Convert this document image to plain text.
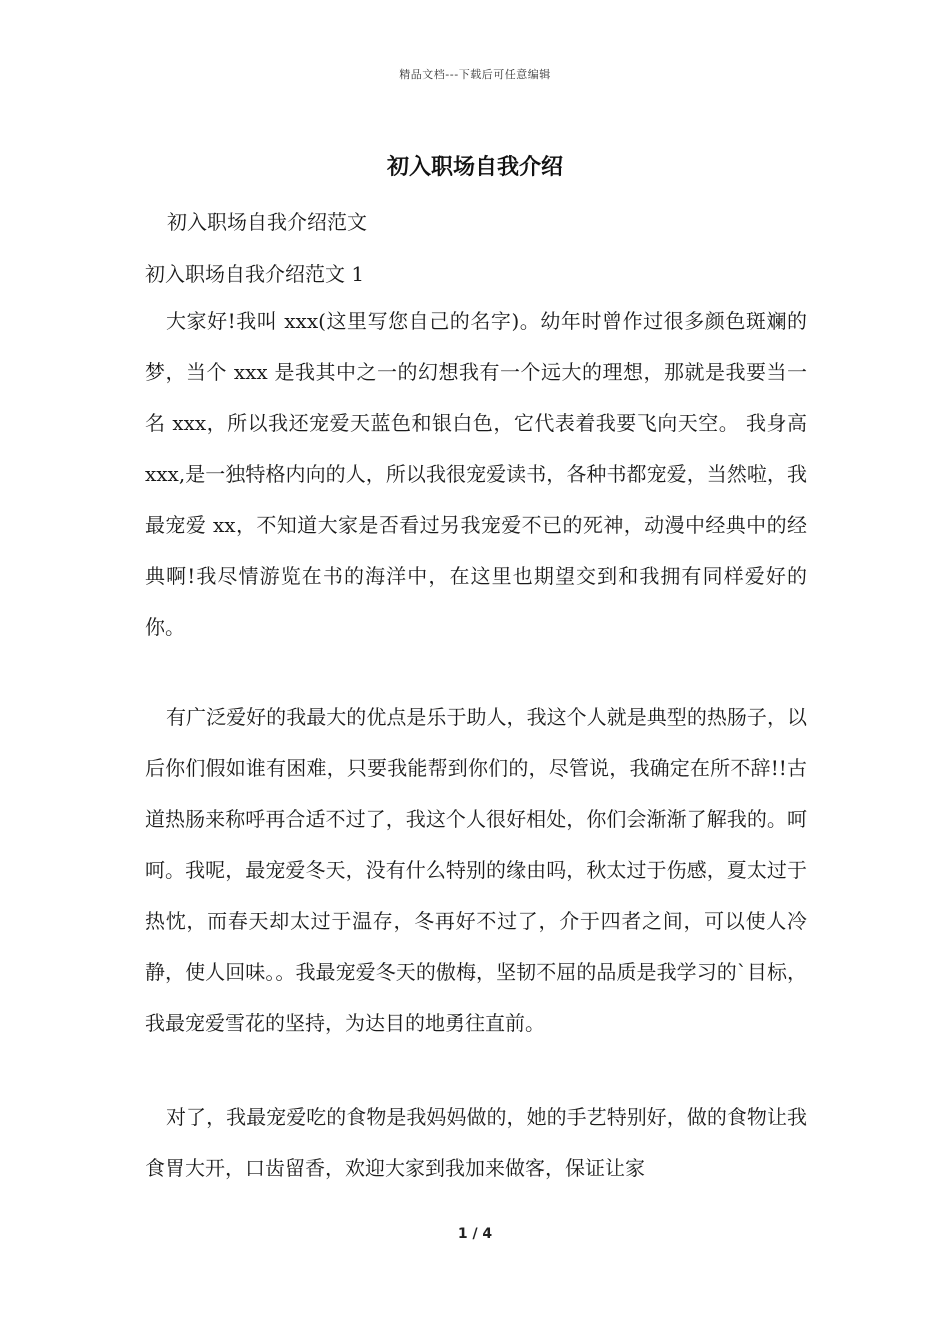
精品文档---下载后可任意编辑
初入职场自我介绍
初入职场自我介绍范文
初入职场自我介绍范文 1

大家好!我叫 xxx(这里写您自己的名字)。幼年时曾作过很多颜色斑斓的梦，当个 xxx 是我其中之一的幻想我有一个远大的理想，那就是我要当一名 xxx，所以我还宠爱天蓝色和银白色，它代表着我要飞向天空。 我身高 xxx,是一独特格内向的人，所以我很宠爱读书，各种书都宠爱，当然啦，我最宠爱 xx，不知道大家是否看过另我宠爱不已的死神，动漫中经典中的经典啊!我尽情游览在书的海洋中，在这里也期望交到和我拥有同样爱好的你。

有广泛爱好的我最大的优点是乐于助人，我这个人就是典型的热肠子，以后你们假如谁有困难，只要我能帮到你们的，尽管说，我确定在所不辞!!古道热肠来称呼再合适不过了，我这个人很好相处，你们会渐渐了解我的。呵呵。我呢，最宠爱冬天，没有什么特别的缘由吗，秋太过于伤感，夏太过于热忱，而春天却太过于温存，冬再好不过了，介于四者之间，可以使人冷静，使人回味。。我最宠爱冬天的傲梅，坚韧不屈的品质是我学习的`目标，我最宠爱雪花的坚持，为达目的地勇往直前。

对了，我最宠爱吃的食物是我妈妈做的，她的手艺特别好，做的食物让我食胃大开，口齿留香，欢迎大家到我加来做客，保证让家

1 / 4
